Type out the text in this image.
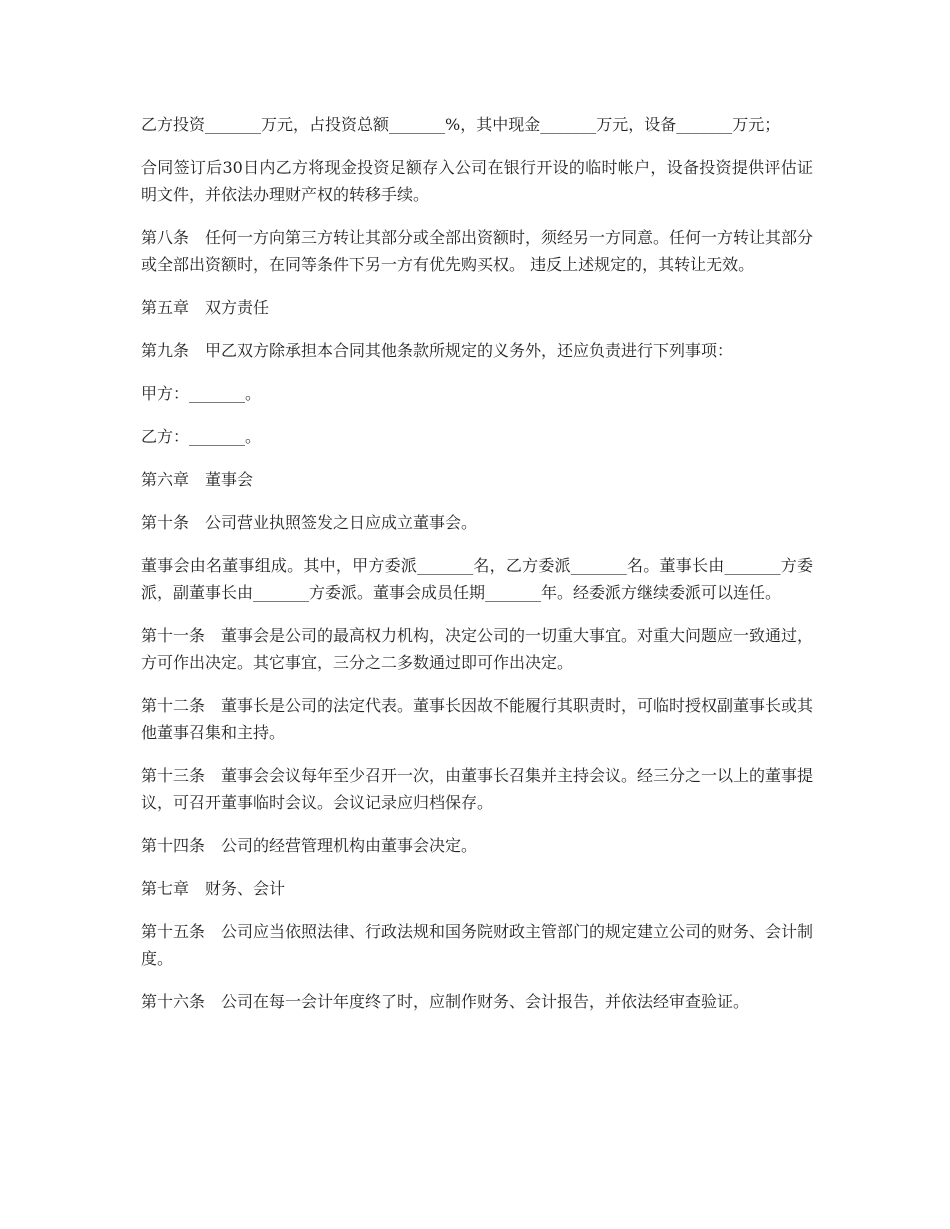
乙方投资_______万元，占投资总额_______%，其中现金_______万元，设备_______万元；

合同签订后30日内乙方将现金投资足额存入公司在银行开设的临时帐户，设备投资提供评估证明文件，并依法办理财产权的转移手续。

第八条　任何一方向第三方转让其部分或全部出资额时，须经另一方同意。任何一方转让其部分或全部出资额时，在同等条件下另一方有优先购买权。 违反上述规定的，其转让无效。

第五章　双方责任

第九条　甲乙双方除承担本合同其他条款所规定的义务外，还应负责进行下列事项：

甲方：_______。

乙方：_______。

第六章　董事会

第十条　公司营业执照签发之日应成立董事会。

董事会由名董事组成。其中，甲方委派_______名，乙方委派_______名。董事长由_______方委派，副董事长由_______方委派。董事会成员任期_______年。经委派方继续委派可以连任。

第十一条　董事会是公司的最高权力机构，决定公司的一切重大事宜。对重大问题应一致通过，方可作出决定。其它事宜，三分之二多数通过即可作出决定。

第十二条　董事长是公司的法定代表。董事长因故不能履行其职责时，可临时授权副董事长或其他董事召集和主持。

第十三条　董事会会议每年至少召开一次，由董事长召集并主持会议。经三分之一以上的董事提议，可召开董事临时会议。会议记录应归档保存。

第十四条　公司的经营管理机构由董事会决定。

第七章　财务、会计

第十五条　公司应当依照法律、行政法规和国务院财政主管部门的规定建立公司的财务、会计制度。

第十六条　公司在每一会计年度终了时，应制作财务、会计报告，并依法经审查验证。
